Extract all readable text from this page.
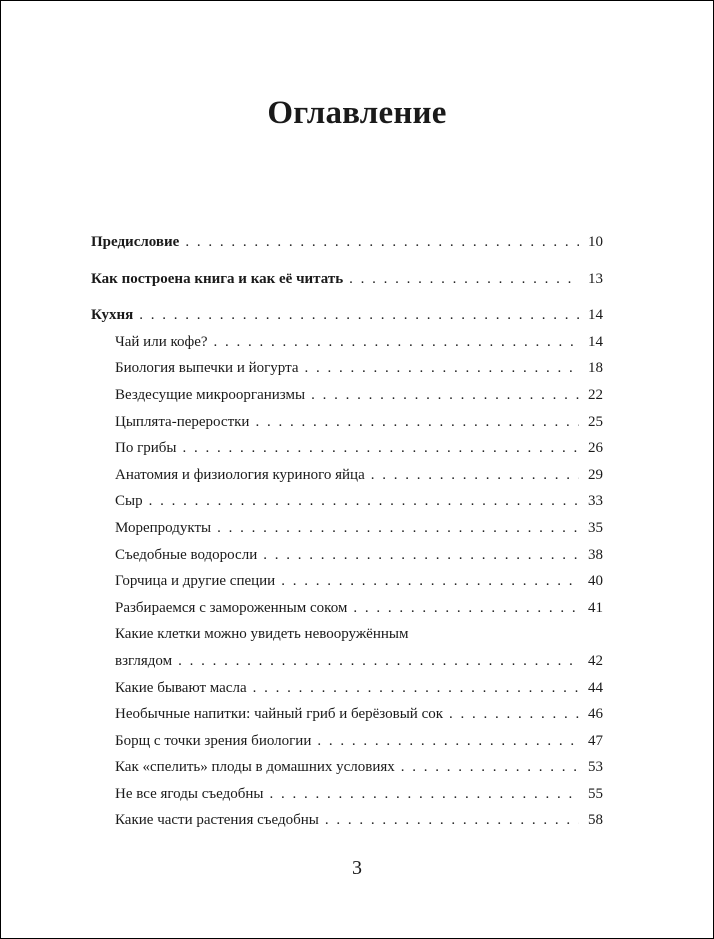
Оглавление
Предисловие . . .	10
Как построена книга и как её читать . . .	13
Кухня . . .	14
Чай или кофе? . . .	14
Биология выпечки и йогурта . . .	18
Вездесущие микроорганизмы . . .	22
Цыплята-переростки . . .	25
По грибы . . .	26
Анатомия и физиология куриного яйца . . .	29
Сыр . . .	33
Морепродукты . . .	35
Съедобные водоросли . . .	38
Горчица и другие специи . . .	40
Разбираемся с замороженным соком . . .	41
Какие клетки можно увидеть невооружённым
взглядом . . .	42
Какие бывают масла . . .	44
Необычные напитки: чайный гриб и берёзовый сок . . .	46
Борщ с точки зрения биологии . . .	47
Как «спелить» плоды в домашних условиях . . .	53
Не все ягоды съедобны . . .	55
Какие части растения съедобны . . .	58
3
